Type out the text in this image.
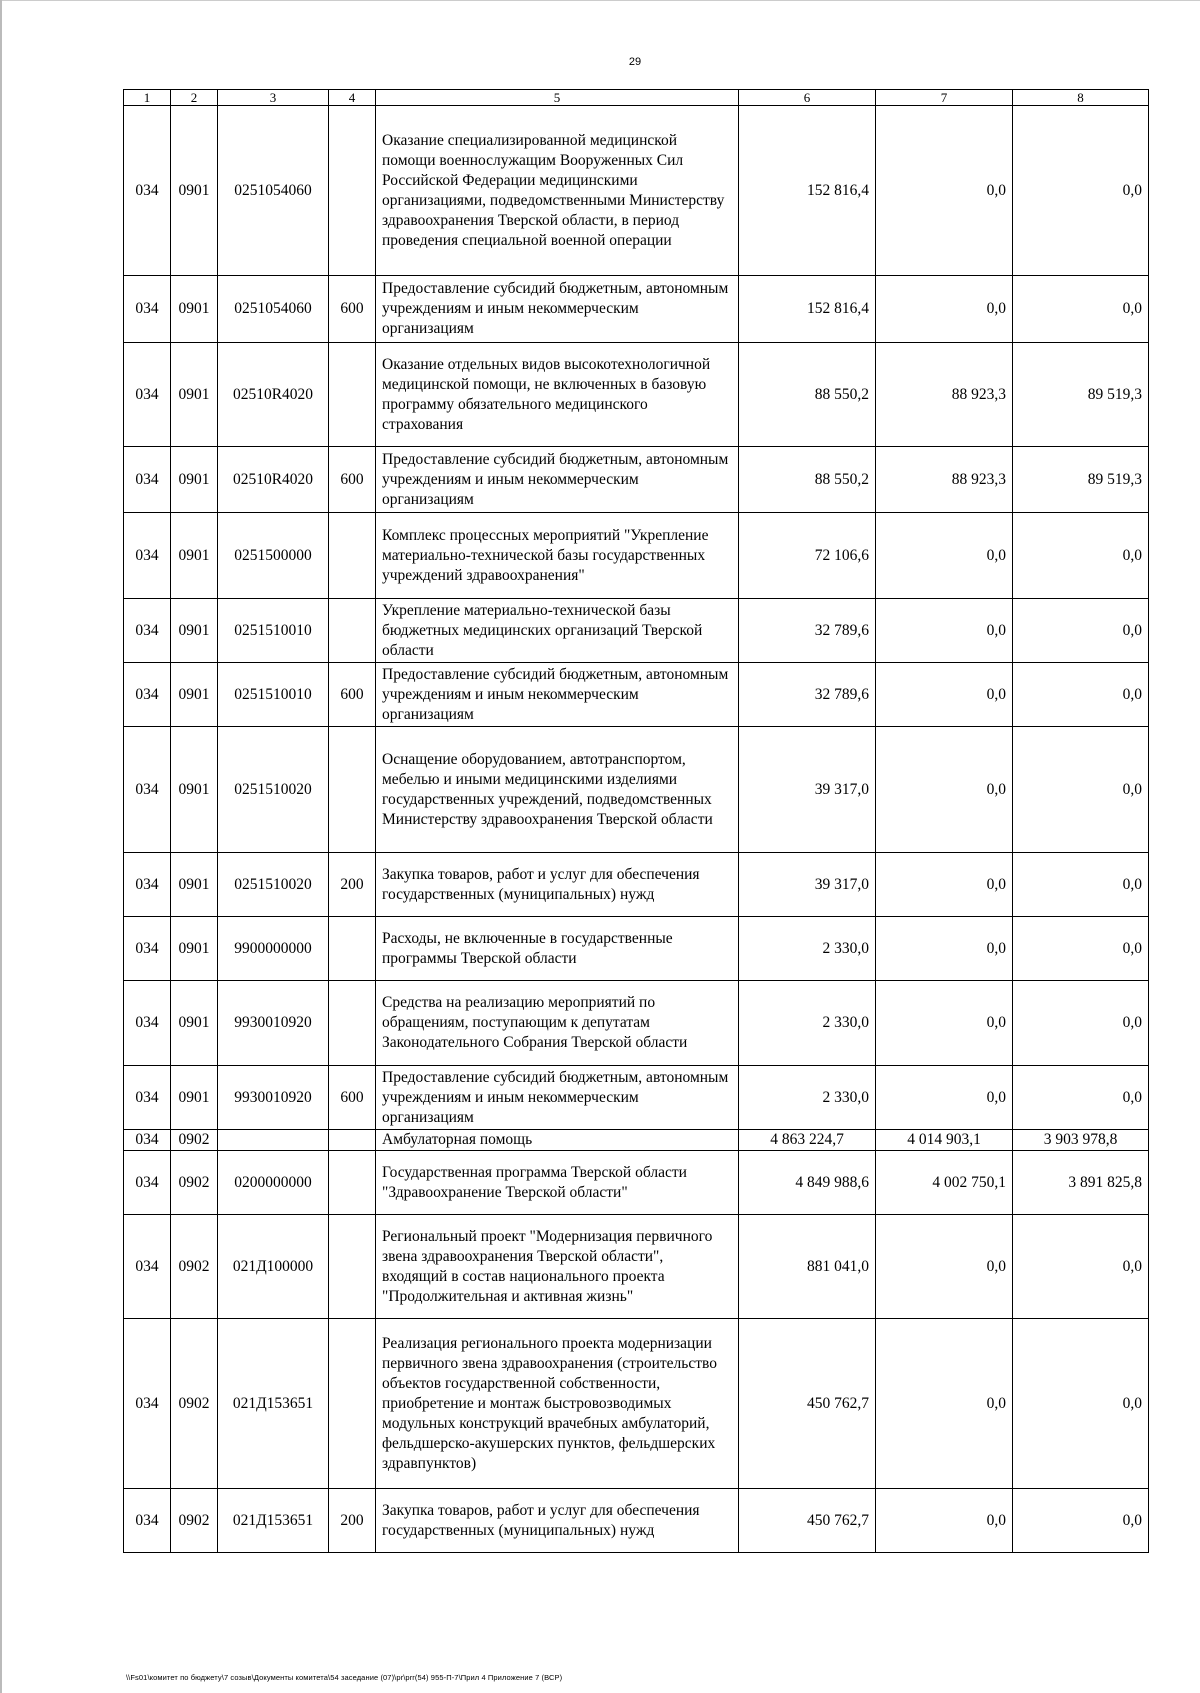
29
1	2	3	4	5	6	7	8
034	0901	0251054060		Оказание специализированной медицинской помощи военнослужащим Вооруженных Сил Российской Федерации медицинскими организациями, подведомственными Министерству здравоохранения Тверской области, в период проведения специальной военной операции	152 816,4	0,0	0,0
034	0901	0251054060	600	Предоставление субсидий бюджетным, автономным учреждениям и иным некоммерческим организациям	152 816,4	0,0	0,0
034	0901	02510R4020		Оказание отдельных видов высокотехнологичной медицинской помощи, не включенных в базовую программу обязательного медицинского страхования	88 550,2	88 923,3	89 519,3
034	0901	02510R4020	600	Предоставление субсидий бюджетным, автономным учреждениям и иным некоммерческим организациям	88 550,2	88 923,3	89 519,3
034	0901	0251500000		Комплекс процессных мероприятий "Укрепление материально-технической базы государственных учреждений здравоохранения"	72 106,6	0,0	0,0
034	0901	0251510010		Укрепление материально-технической базы бюджетных медицинских организаций Тверской области	32 789,6	0,0	0,0
034	0901	0251510010	600	Предоставление субсидий бюджетным, автономным учреждениям и иным некоммерческим организациям	32 789,6	0,0	0,0
034	0901	0251510020		Оснащение оборудованием, автотранспортом, мебелью и иными медицинскими изделиями государственных учреждений, подведомственных Министерству здравоохранения Тверской области	39 317,0	0,0	0,0
034	0901	0251510020	200	Закупка товаров, работ и услуг для обеспечения государственных (муниципальных) нужд	39 317,0	0,0	0,0
034	0901	9900000000		Расходы, не включенные в государственные программы Тверской области	2 330,0	0,0	0,0
034	0901	9930010920		Средства на реализацию мероприятий по обращениям, поступающим к депутатам Законодательного Собрания Тверской области	2 330,0	0,0	0,0
034	0901	9930010920	600	Предоставление субсидий бюджетным, автономным учреждениям и иным некоммерческим организациям	2 330,0	0,0	0,0
034	0902			Амбулаторная помощь	4 863 224,7	4 014 903,1	3 903 978,8
034	0902	0200000000		Государственная программа Тверской области "Здравоохранение Тверской области"	4 849 988,6	4 002 750,1	3 891 825,8
034	0902	021Д100000		Региональный проект "Модернизация первичного звена здравоохранения Тверской области", входящий в состав национального проекта "Продолжительная и активная жизнь"	881 041,0	0,0	0,0
034	0902	021Д153651		Реализация регионального проекта модернизации первичного звена здравоохранения (строительство объектов государственной собственности, приобретение и монтаж быстровозводимых модульных конструкций врачебных амбулаторий, фельдшерско-акушерских пунктов, фельдшерских здравпунктов)	450 762,7	0,0	0,0
034	0902	021Д153651	200	Закупка товаров, работ и услуг для обеспечения государственных (муниципальных) нужд	450 762,7	0,0	0,0
\\Fs01\комитет по бюджету\7 созыв\Документы комитета\54 заседание (07)\pr\prr(54) 955-П-7\Прил 4 Приложение 7 (ВСР)
